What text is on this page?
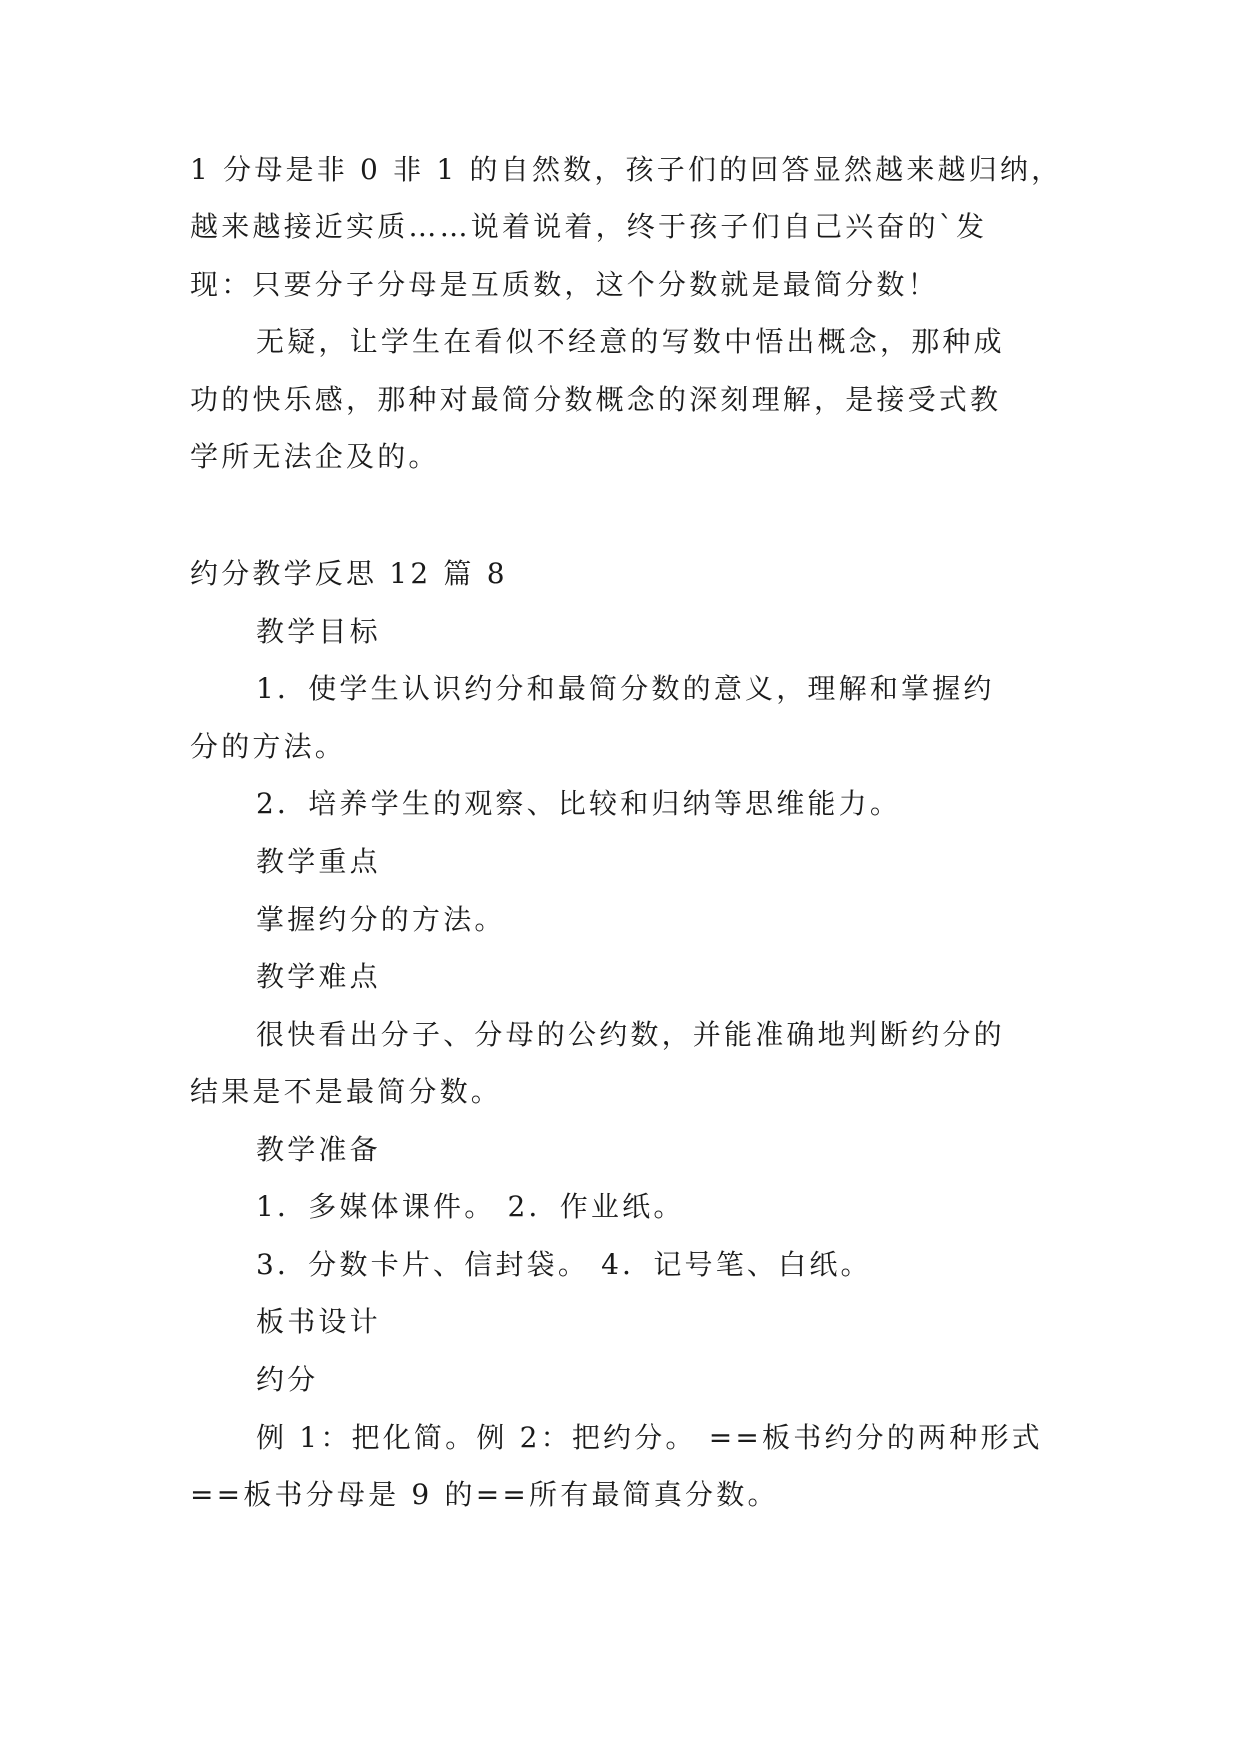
1 分母是非 0 非 1 的自然数，孩子们的回答显然越来越归纳，
越来越接近实质……说着说着，终于孩子们自己兴奋的`发
现：只要分子分母是互质数，这个分数就是最简分数！
无疑，让学生在看似不经意的写数中悟出概念，那种成
功的快乐感，那种对最简分数概念的深刻理解，是接受式教
学所无法企及的。
约分教学反思 12 篇 8
教学目标
1．使学生认识约分和最简分数的意义，理解和掌握约
分的方法。
2．培养学生的观察、比较和归纳等思维能力。
教学重点
掌握约分的方法。
教学难点
很快看出分子、分母的公约数，并能准确地判断约分的
结果是不是最简分数。
教学准备
1．多媒体课件。 2．作业纸。
3．分数卡片、信封袋。 4．记号笔、白纸。
板书设计
约分
例 1：把化简。例 2：把约分。 ==板书约分的两种形式
==板书分母是 9 的==所有最简真分数。
